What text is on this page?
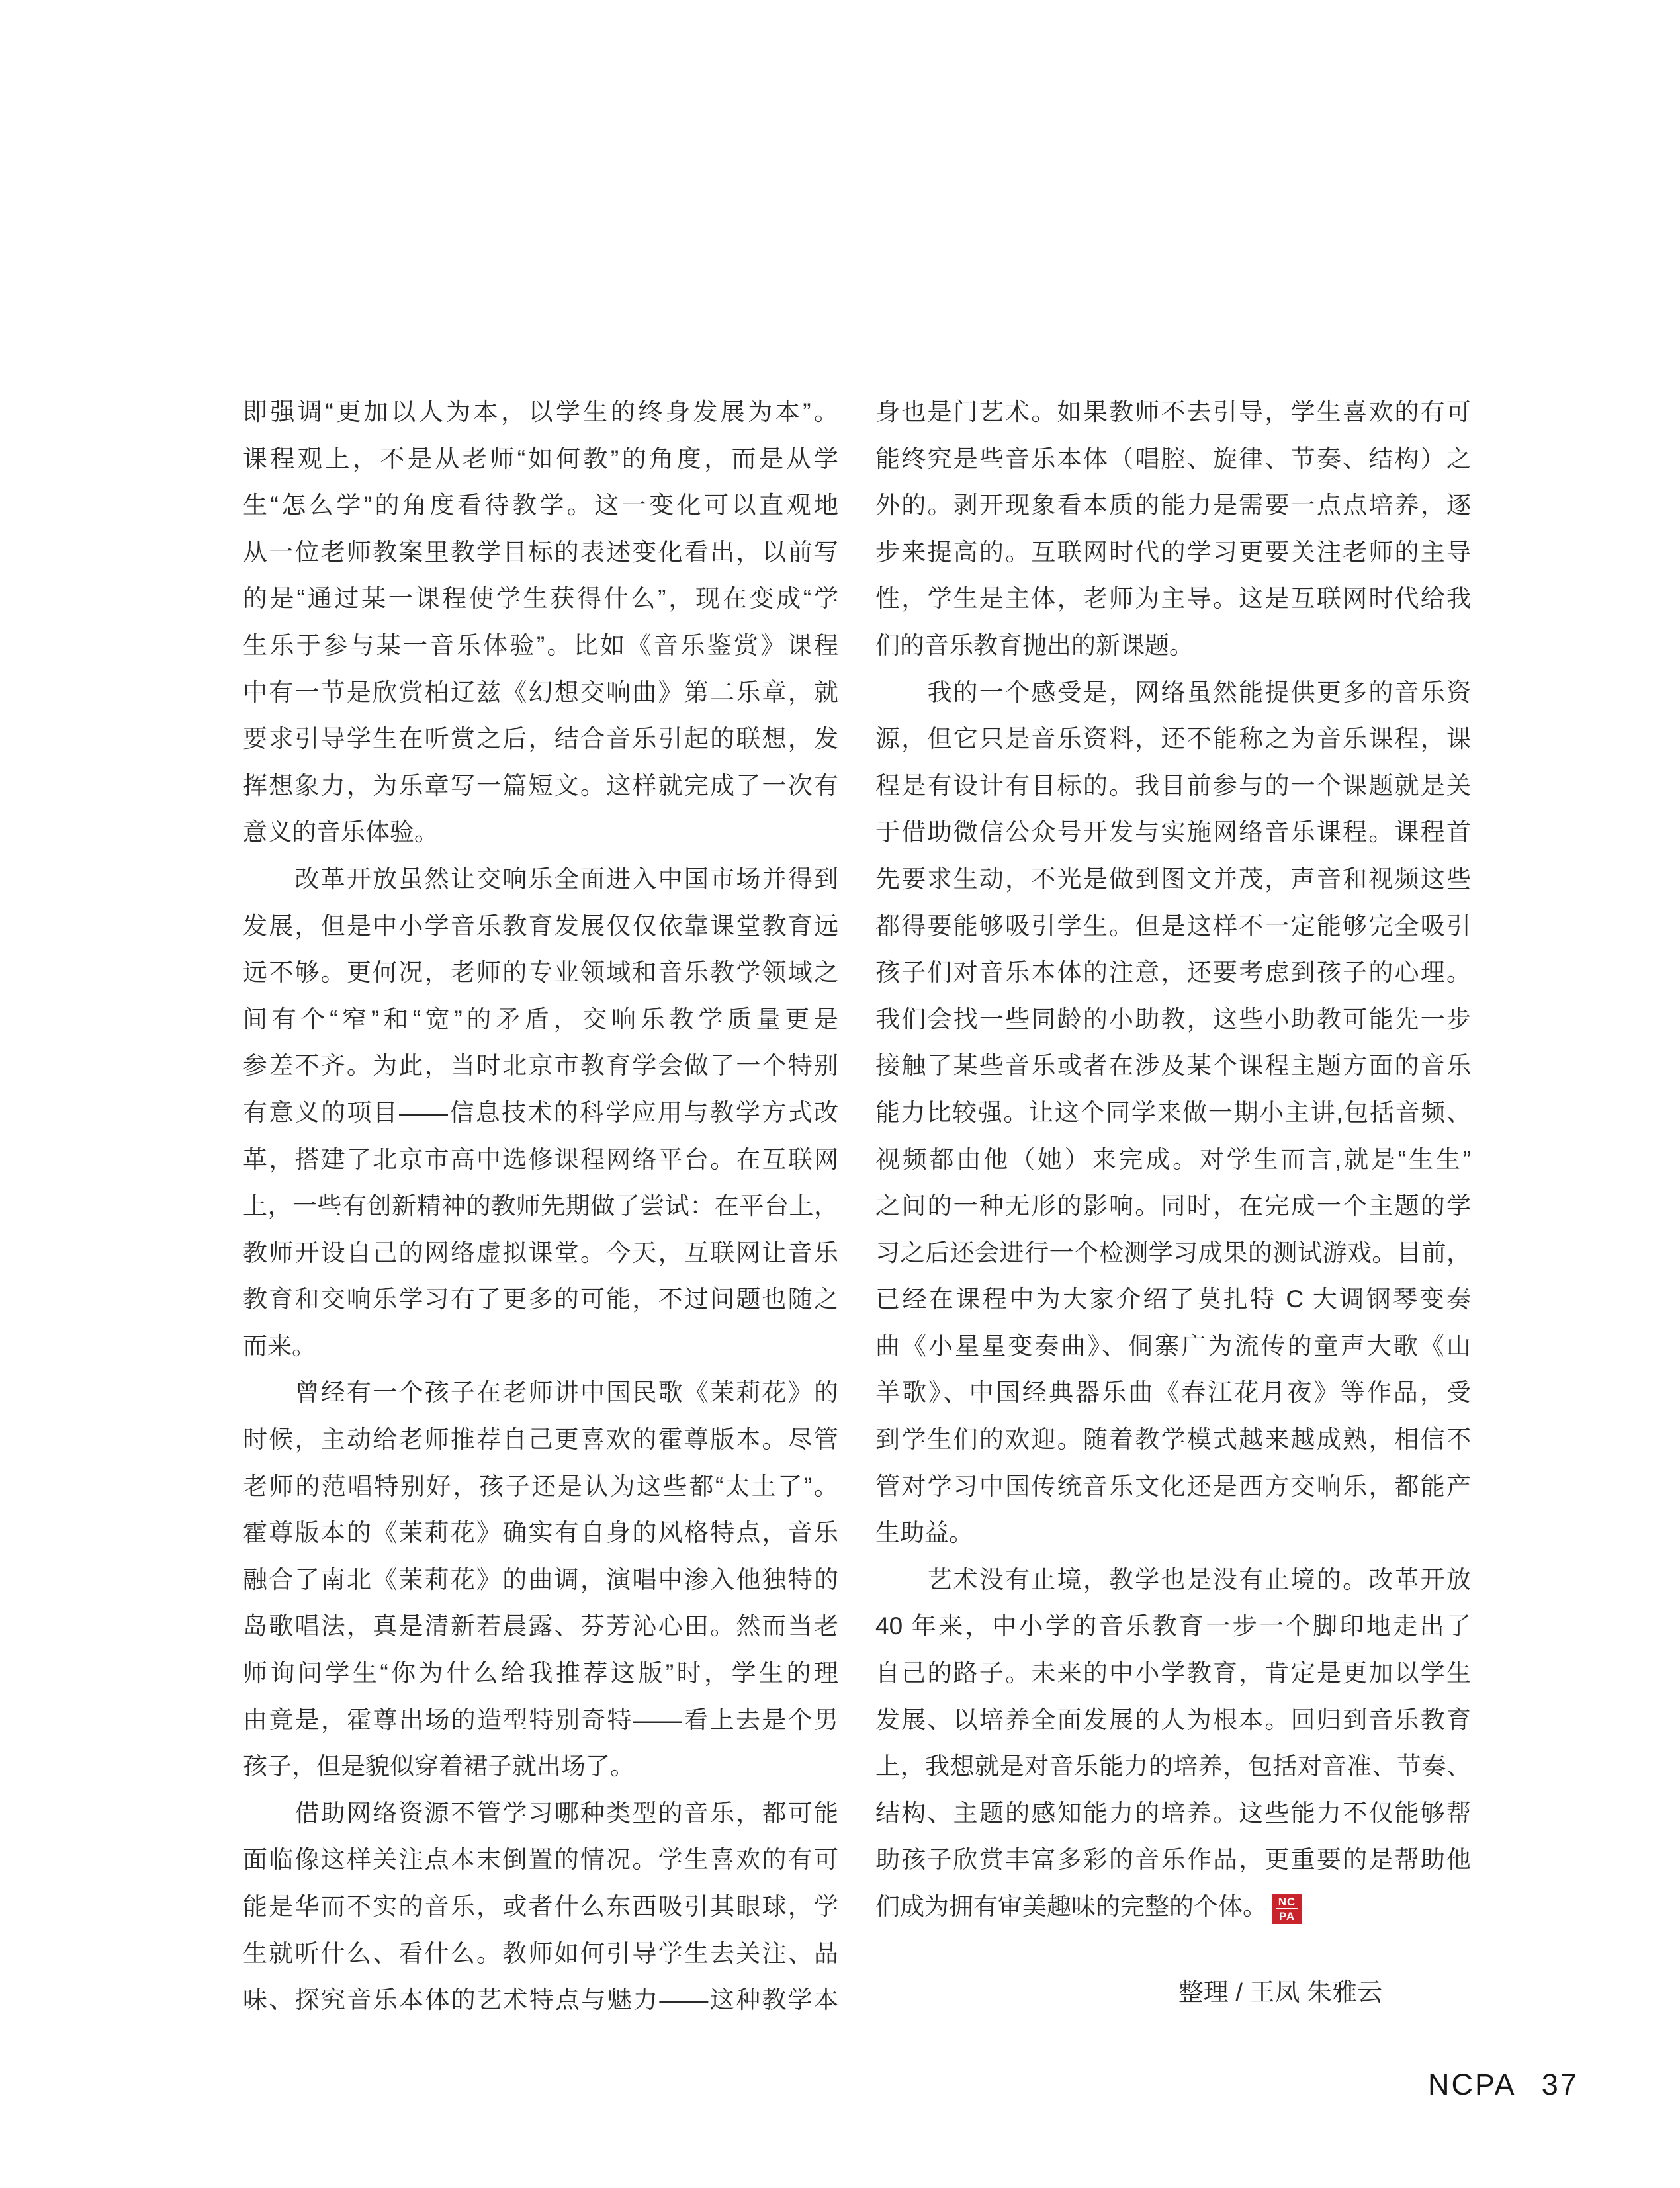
即强调“更加以人为本，以学生的终身发展为本”。
课程观上，不是从老师“如何教”的角度，而是从学
生“怎么学”的角度看待教学。这一变化可以直观地
从一位老师教案里教学目标的表述变化看出，以前写
的是“通过某一课程使学生获得什么”，现在变成“学
生乐于参与某一音乐体验”。比如《音乐鉴赏》课程
中有一节是欣赏柏辽兹《幻想交响曲》第二乐章，就
要求引导学生在听赏之后，结合音乐引起的联想，发
挥想象力，为乐章写一篇短文。这样就完成了一次有
意义的音乐体验。
　　改革开放虽然让交响乐全面进入中国市场并得到
发展，但是中小学音乐教育发展仅仅依靠课堂教育远
远不够。更何况，老师的专业领域和音乐教学领域之
间有个“窄”和“宽”的矛盾，交响乐教学质量更是
参差不齐。为此，当时北京市教育学会做了一个特别
有意义的项目——信息技术的科学应用与教学方式改
革，搭建了北京市高中选修课程网络平台。在互联网
上，一些有创新精神的教师先期做了尝试：在平台上，
教师开设自己的网络虚拟课堂。今天，互联网让音乐
教育和交响乐学习有了更多的可能，不过问题也随之
而来。
　　曾经有一个孩子在老师讲中国民歌《茉莉花》的
时候，主动给老师推荐自己更喜欢的霍尊版本。尽管
老师的范唱特别好，孩子还是认为这些都“太土了”。
霍尊版本的《茉莉花》确实有自身的风格特点，音乐
融合了南北《茉莉花》的曲调，演唱中渗入他独特的
岛歌唱法，真是清新若晨露、芬芳沁心田。然而当老
师询问学生“你为什么给我推荐这版”时，学生的理
由竟是，霍尊出场的造型特别奇特——看上去是个男
孩子，但是貌似穿着裙子就出场了。
　　借助网络资源不管学习哪种类型的音乐，都可能
面临像这样关注点本末倒置的情况。学生喜欢的有可
能是华而不实的音乐，或者什么东西吸引其眼球，学
生就听什么、看什么。教师如何引导学生去关注、品
味、探究音乐本体的艺术特点与魅力——这种教学本
身也是门艺术。如果教师不去引导，学生喜欢的有可
能终究是些音乐本体（唱腔、旋律、节奏、结构）之
外的。剥开现象看本质的能力是需要一点点培养，逐
步来提高的。互联网时代的学习更要关注老师的主导
性，学生是主体，老师为主导。这是互联网时代给我
们的音乐教育抛出的新课题。
　　我的一个感受是，网络虽然能提供更多的音乐资
源，但它只是音乐资料，还不能称之为音乐课程，课
程是有设计有目标的。我目前参与的一个课题就是关
于借助微信公众号开发与实施网络音乐课程。课程首
先要求生动，不光是做到图文并茂，声音和视频这些
都得要能够吸引学生。但是这样不一定能够完全吸引
孩子们对音乐本体的注意，还要考虑到孩子的心理。
我们会找一些同龄的小助教，这些小助教可能先一步
接触了某些音乐或者在涉及某个课程主题方面的音乐
能力比较强。让这个同学来做一期小主讲,包括音频、
视频都由他（她）来完成。对学生而言,就是“生生”
之间的一种无形的影响。同时，在完成一个主题的学
习之后还会进行一个检测学习成果的测试游戏。目前，
已经在课程中为大家介绍了莫扎特 C 大调钢琴变奏
曲《小星星变奏曲》、侗寨广为流传的童声大歌《山
羊歌》、中国经典器乐曲《春江花月夜》等作品，受
到学生们的欢迎。随着教学模式越来越成熟，相信不
管对学习中国传统音乐文化还是西方交响乐，都能产
生助益。
　　艺术没有止境，教学也是没有止境的。改革开放
40 年来，中小学的音乐教育一步一个脚印地走出了
自己的路子。未来的中小学教育，肯定是更加以学生
发展、以培养全面发展的人为根本。回归到音乐教育
上，我想就是对音乐能力的培养，包括对音准、节奏、
结构、主题的感知能力的培养。这些能力不仅能够帮
助孩子欣赏丰富多彩的音乐作品，更重要的是帮助他
们成为拥有审美趣味的完整的个体。 $\frac{NC}{PA}$
整理 / 王凤 朱雅云
NCPA 37
